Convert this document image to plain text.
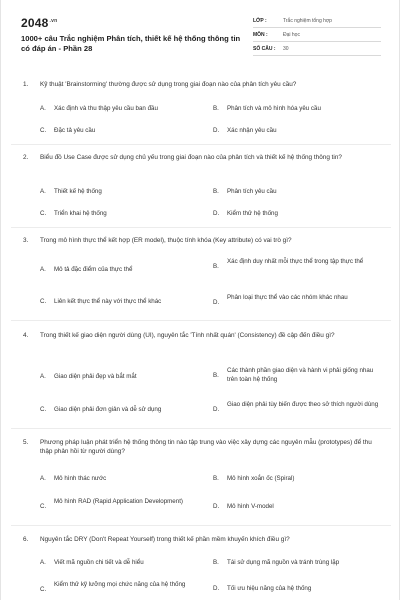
$2048^{.vn}$
1000+ câu Trắc nghiệm Phân tích, thiết kế hệ thống thông tin có đáp án - Phần 28
LỚP :	Trắc nghiệm tổng hợp
MÔN :	Đại học
SỐ CÂU :	30
1. Kỹ thuật 'Brainstorming' thường được sử dụng trong giai đoạn nào của phân tích yêu cầu?
A. Xác định và thu thập yêu cầu ban đầu	B. Phân tích và mô hình hóa yêu cầu
C. Đặc tả yêu cầu	D. Xác nhận yêu cầu
2. Biểu đồ Use Case được sử dụng chủ yếu trong giai đoạn nào của phân tích và thiết kế hệ thống thông tin?
A. Thiết kế hệ thống	B. Phân tích yêu cầu
C. Triển khai hệ thống	D. Kiểm thử hệ thống
3. Trong mô hình thực thể kết hợp (ER model), thuộc tính khóa (Key attribute) có vai trò gì?
A. Mô tả đặc điểm của thực thể	B.
Xác định duy nhất mỗi thực thể trong tập thực thể
C. Liên kết thực thể này với thực thể khác	D.
Phân loại thực thể vào các nhóm khác nhau
4. Trong thiết kế giao diện người dùng (UI), nguyên tắc 'Tính nhất quán' (Consistency) đề cập đến điều gì?
A. Giao diện phải đẹp và bắt mắt	B.
Các thành phần giao diện và hành vi phải giống nhau trên toàn hệ thống
C. Giao diện phải đơn giản và dễ sử dụng	D.
Giao diện phải tùy biến được theo sở thích người dùng
5. Phương pháp luận phát triển hệ thống thông tin nào tập trung vào việc xây dựng các nguyên mẫu (prototypes) để thu thập phản hồi từ người dùng?
A. Mô hình thác nước	B. Mô hình xoắn ốc (Spiral)
C.
Mô hình RAD (Rapid Application Development)
D. Mô hình V-model
6. Nguyên tắc DRY (Don't Repeat Yourself) trong thiết kế phần mềm khuyến khích điều gì?
A. Viết mã nguồn chi tiết và dễ hiểu	B. Tái sử dụng mã nguồn và tránh trùng lặp
C.
Kiểm thử kỹ lưỡng mọi chức năng của hệ thống
D. Tối ưu hiệu năng của hệ thống
